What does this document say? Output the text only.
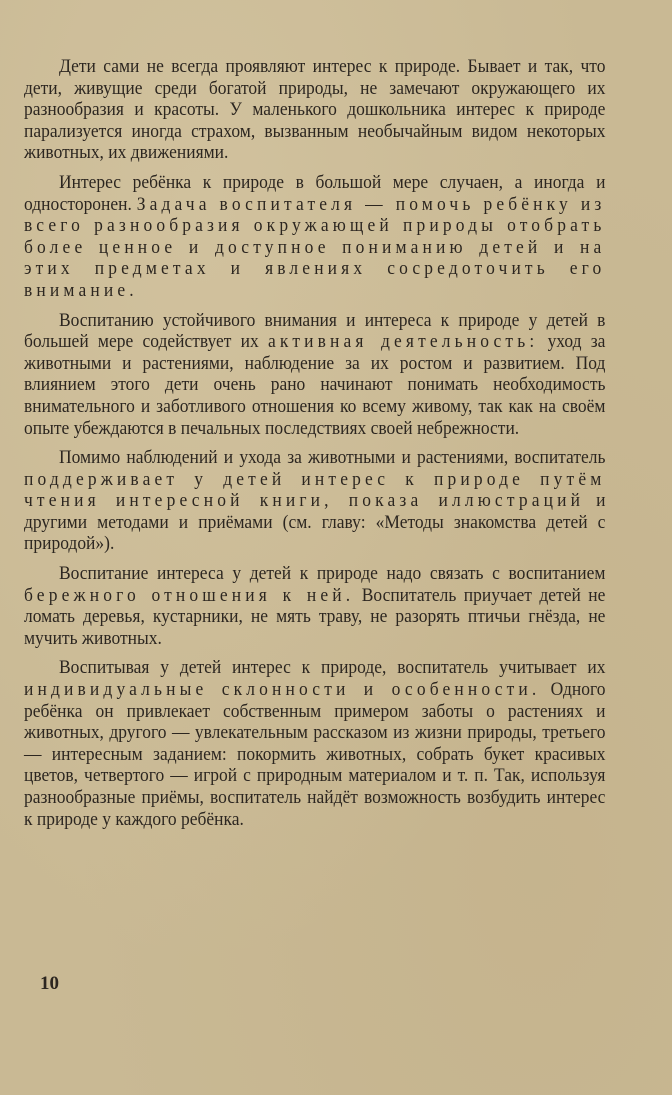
Дети сами не всегда проявляют интерес к природе. Бывает и так, что дети, живущие среди богатой природы, не замечают окружающего их разнообразия и красоты. У маленького дошкольника интерес к природе парализуется иногда страхом, вызванным необычайным видом некоторых животных, их движениями.

Интерес ребёнка к природе в большой мере случаен, а иногда и односторонен. Задача воспитателя — помочь ребёнку из всего разнообразия окружающей природы отобрать более ценное и доступное пониманию детей и на этих предметах и явлениях сосредоточить его внимание.

Воспитанию устойчивого внимания и интереса к природе у детей в большей мере содействует их активная деятельность: уход за животными и растениями, наблюдение за их ростом и развитием. Под влиянием этого дети очень рано начинают понимать необходимость внимательного и заботливого отношения ко всему живому, так как на своём опыте убеждаются в печальных последствиях своей небрежности.

Помимо наблюдений и ухода за животными и растениями, воспитатель поддерживает у детей интерес к природе путём чтения интересной книги, показа иллюстраций и другими методами и приёмами (см. главу: «Методы знакомства детей с природой»).

Воспитание интереса у детей к природе надо связать с воспитанием бережного отношения к ней. Воспитатель приучает детей не ломать деревья, кустарники, не мять траву, не разорять птичьи гнёзда, не мучить животных.

Воспитывая у детей интерес к природе, воспитатель учитывает их индивидуальные склонности и особенности. Одного ребёнка он привлекает собственным примером заботы о растениях и животных, другого — увлекательным рассказом из жизни природы, третьего — интересным заданием: покормить животных, собрать букет красивых цветов, четвертого — игрой с природным материалом и т. п. Так, используя разнообразные приёмы, воспитатель найдёт возможность возбудить интерес к природе у каждого ребёнка.

10
